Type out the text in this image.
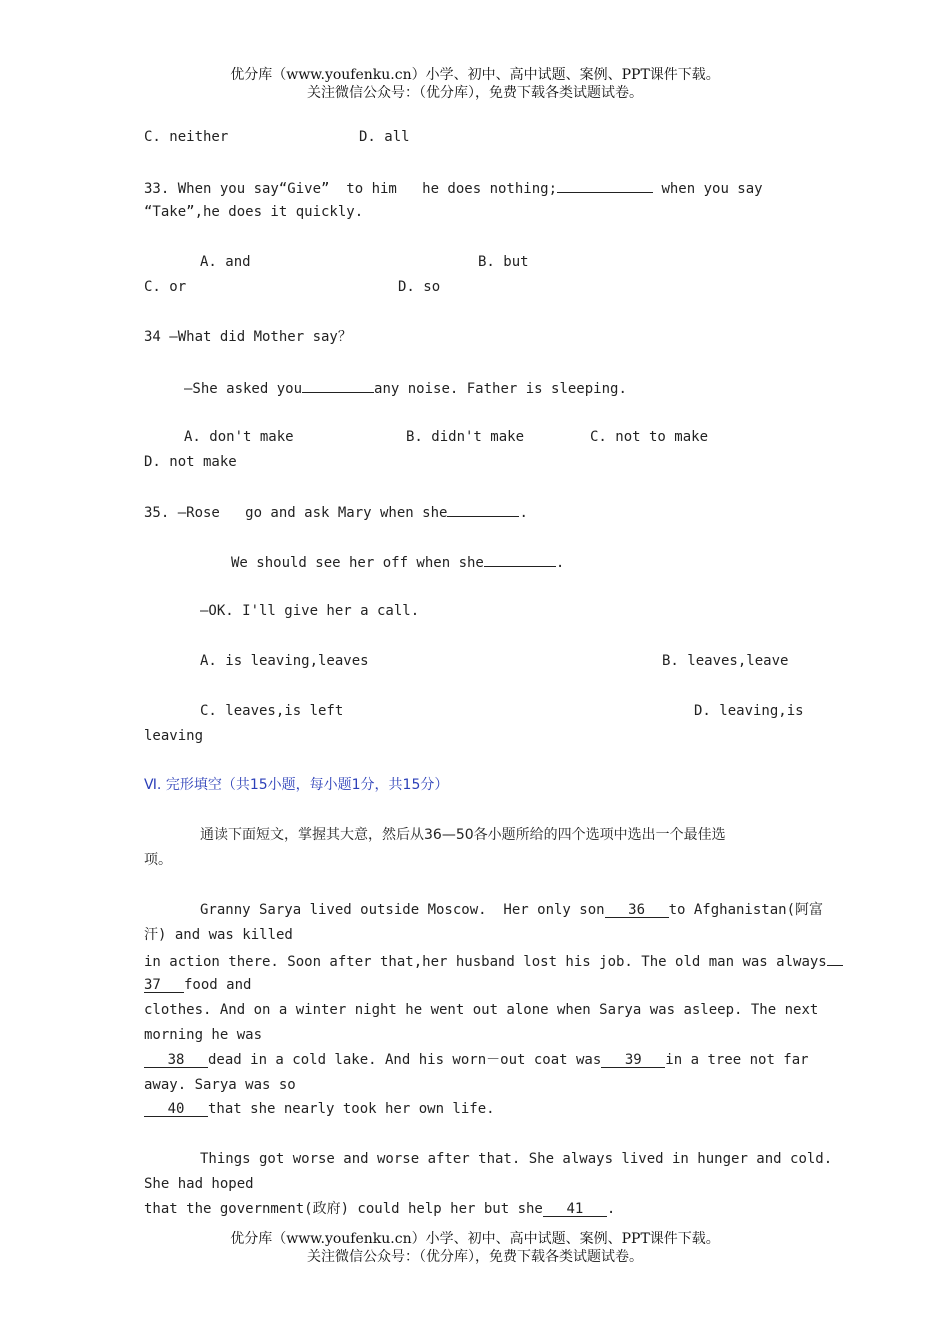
优分库（www.youfenku.cn）小学、初中、高中试题、案例、PPT课件下载。
关注微信公众号：（优分库），免费下载各类试题试卷。
C. neither	D. all
33. When you say“Give”  to him   he does nothing;	when you say
“Take”,he does it quickly.
A. and	B. but
C. or	D. so
34 —What did Mother say？
—She asked you	any noise. Father is sleeping.
A. don't make	B. didn't make	C. not to make
D. not make
35. —Rose   go and ask Mary when she	.
We should see her off when she	.
—OK. I'll give her a call.
A. is leaving,leaves	B. leaves,leave
C. leaves,is left	D. leaving,is
leaving
Ⅵ. 完形填空（共15小题，每小题1分，共15分）
通读下面短文，掌握其大意，然后从36—50各小题所给的四个选项中选出一个最佳选
项。
Granny Sarya lived outside Moscow.  Her only son 36 to Afghanistan(阿富
汗) and was killed
in action there. Soon after that,her husband lost his job. The old man was always
37 food and
clothes. And on a winter night he went out alone when Sarya was asleep. The next
morning he was
38 dead in a cold lake. And his worn－out coat was 39 in a tree not far
away. Sarya was so
40 that she nearly took her own life.
Things got worse and worse after that. She always lived in hunger and cold.
She had hoped
that the government(政府) could help her but she 41 .
优分库（www.youfenku.cn）小学、初中、高中试题、案例、PPT课件下载。
关注微信公众号：（优分库），免费下载各类试题试卷。
